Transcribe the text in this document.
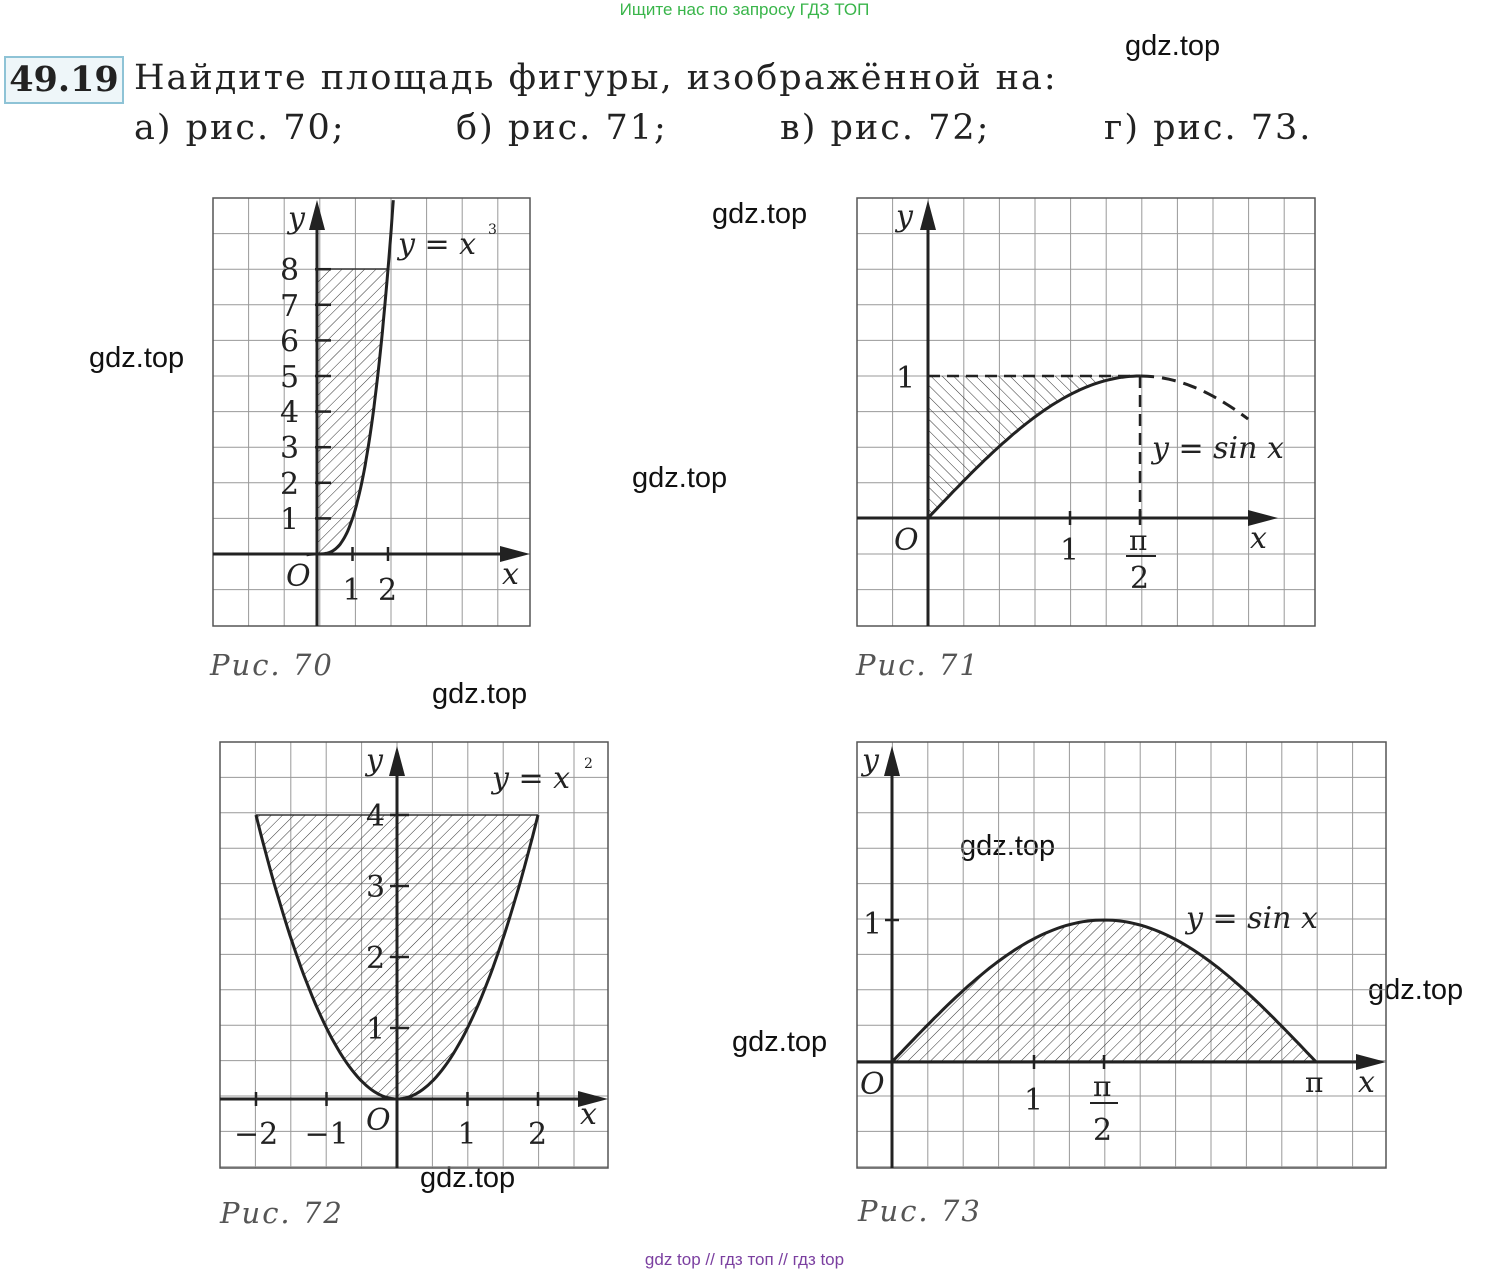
Ищите нас по запросу ГДЗ ТОП
gdz.top
gdz.top
gdz.top
gdz.top
gdz.top
gdz.top
gdz.top
gdz.top
gdz.top
49.19 Найдите площадь фигуры, изображённой на:
а) рис. 70;	б) рис. 71;	в) рис. 72;	г) рис. 73.
y
x
O
y = x 3
1
2
3
4
5
6
7
8
1 2
Рис. 70
y
x
O
1
1 π
2
y = sin x
Рис. 71
y
x
O
y = x 2
1
2
3
4
−2 −1	1 2
Рис. 72
y
x
O
1
1 π
2
π
y = sin x
Рис. 73
gdz top // гдз топ // гдз top
